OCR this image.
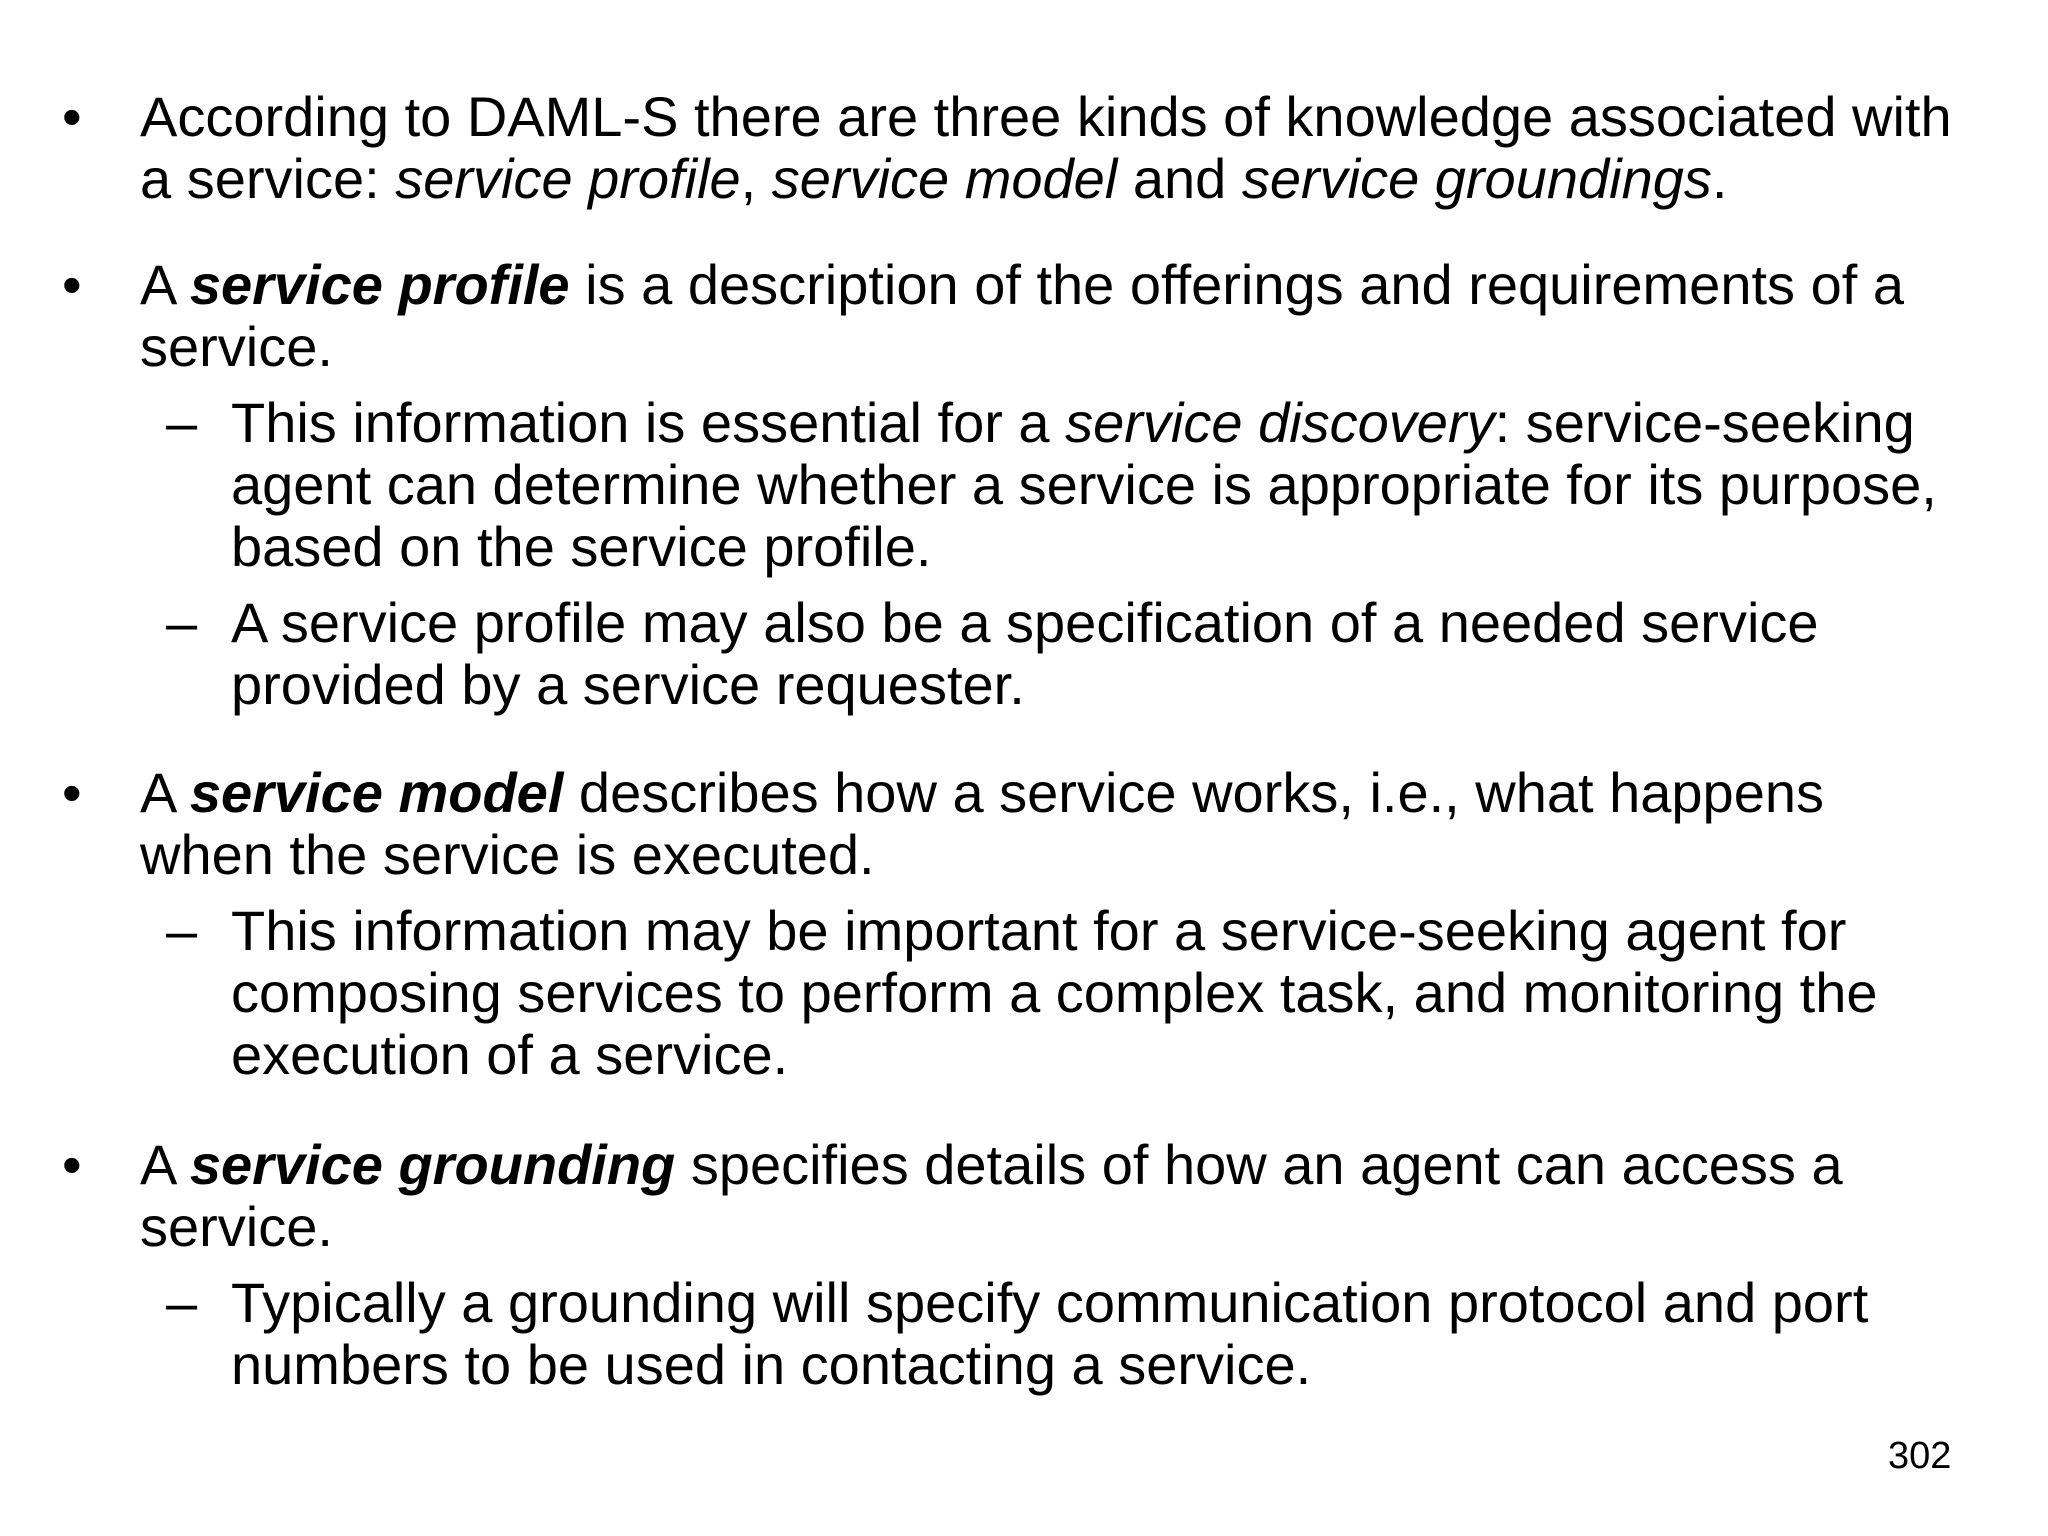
• According to DAML-S there are three kinds of knowledge associated with
a service: service profile, service model and service groundings.
• A service profile is a description of the offerings and requirements of a
service.
– This information is essential for a service discovery: service-seeking
agent can determine whether a service is appropriate for its purpose,
based on the service profile.
– A service profile may also be a specification of a needed service
provided by a service requester.
• A service model describes how a service works, i.e., what happens
when the service is executed.
– This information may be important for a service-seeking agent for
composing services to perform a complex task, and monitoring the
execution of a service.
• A service grounding specifies details of how an agent can access a
service.
– Typically a grounding will specify communication protocol and port
numbers to be used in contacting a service.
302
